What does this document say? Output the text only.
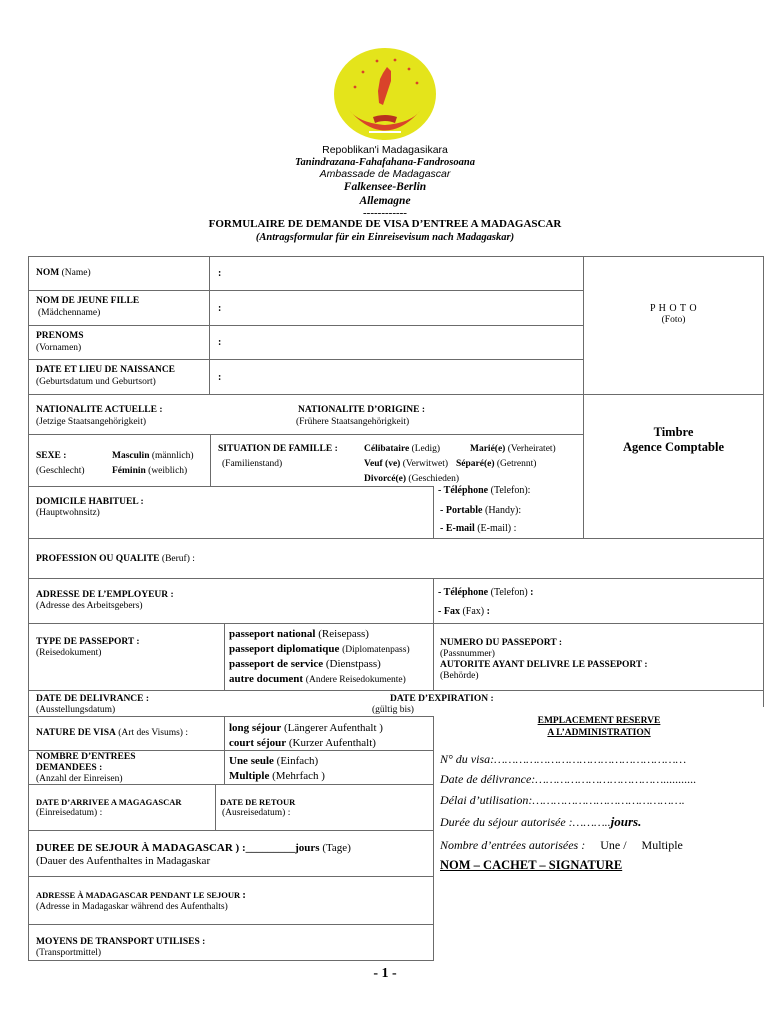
Repoblikan'i Madagasikara
Tanindrazana-Fahafahana-Fandrosoana
Ambassade de Madagascar
Falkensee-Berlin
Allemagne
------------
FORMULAIRE DE DEMANDE DE VISA D’ENTREE A MADAGASCAR
(Antragsformular für ein Einreisevisum nach Madagaskar)
NOM (Name)	:
NOM DE JEUNE FILLE
(Mädchenname)	:
PRENOMS
(Vornamen)	:
DATE ET LIEU DE NAISSANCE
(Geburtsdatum und Geburtsort)	:
P H O T O
(Foto)
NATIONALITE ACTUELLE :
(Jetzige Staatsangehörigkeit)
NATIONALITE D’ORIGINE :
(Frühere Staatsangehörigkeit)
Timbre
Agence Comptable
SEXE :
(Geschlecht)
Masculin (männlich)
Féminin (weiblich)
SITUATION DE FAMILLE :
(Familienstand)
Célibataire (Ledig)	Marié(e) (Verheiratet)
Veuf (ve) (Verwitwet) Séparé(e) (Getrennt)
Divorcé(e) (Geschieden)
DOMICILE HABITUEL :
(Hauptwohnsitz)
- Téléphone (Telefon):
- Portable (Handy):
- E-mail (E-mail) :
PROFESSION OU QUALITE (Beruf) :
ADRESSE DE L’EMPLOYEUR :
(Adresse des Arbeitsgebers)
- Téléphone (Telefon) :
- Fax (Fax) :
TYPE DE PASSEPORT :
(Reisedokument)
passeport national (Reisepass)
passeport diplomatique (Diplomatenpass)
passeport de service (Dienstpass)
autre document (Andere Reisedokumente)
NUMERO DU PASSEPORT :
(Passnummer)
AUTORITE AYANT DELIVRE LE PASSEPORT :
(Behörde)
DATE DE DELIVRANCE :
(Ausstellungsdatum)
DATE D’EXPIRATION :
(gültig bis)
EMPLACEMENT RESERVE
A L’ADMINISTRATION
N° du visa:………………………………………………
Date de délivrance:………………………………...........
Délai d’utilisation:…………………………………….
Durée du séjour autorisée :………..jours.
Nombre d’entrées autorisées : Une / Multiple
NOM – CACHET – SIGNATURE
NATURE DE VISA (Art des Visums) :	long séjour (Längerer Aufenthalt )
court séjour (Kurzer Aufenthalt)
NOMBRE D’ENTREES
DEMANDEES :
(Anzahl der Einreisen)
Une seule (Einfach)
Multiple (Mehrfach )
DATE D’ARRIVEE A MAGAGASCAR
(Einreisedatum) :
DATE DE RETOUR
(Ausreisedatum) :
DUREE DE SEJOUR À MADAGASCAR ) :_________jours (Tage)
(Dauer des Aufenthaltes in Madagaskar
ADRESSE À MADAGASCAR PENDANT LE SEJOUR :
(Adresse in Madagaskar während des Aufenthalts)
MOYENS DE TRANSPORT UTILISES :
(Transportmittel)
- 1 -
